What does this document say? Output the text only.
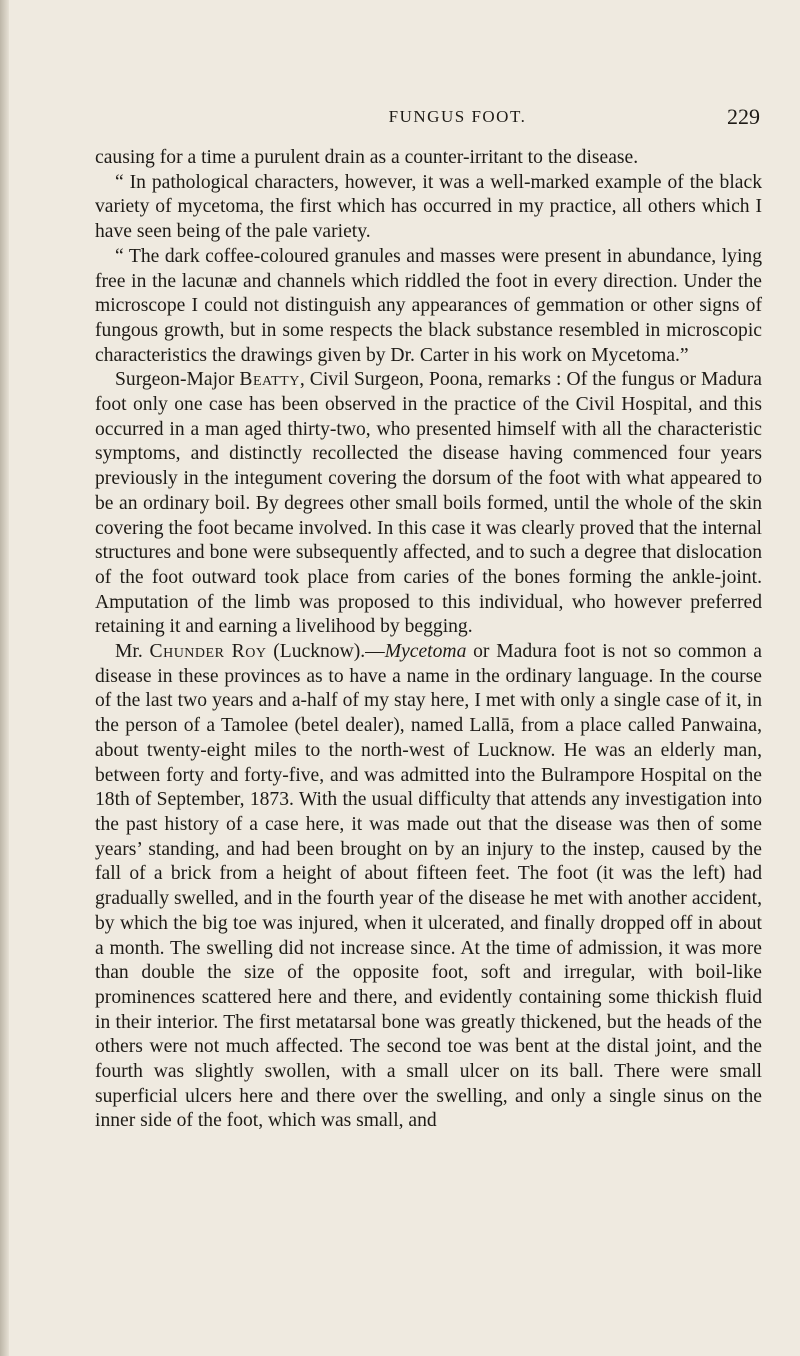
FUNGUS FOOT.	229

causing for a time a purulent drain as a counter-irritant to the disease.

“ In pathological characters, however, it was a well-marked example of the black variety of mycetoma, the first which has occurred in my practice, all others which I have seen being of the pale variety.

“ The dark coffee-coloured granules and masses were present in abundance, lying free in the lacunæ and channels which riddled the foot in every direction. Under the microscope I could not distinguish any appearances of gemmation or other signs of fungous growth, but in some respects the black substance resembled in microscopic characteristics the drawings given by Dr. Carter in his work on Mycetoma.”

Surgeon-Major Beatty, Civil Surgeon, Poona, remarks : Of the fungus or Madura foot only one case has been observed in the practice of the Civil Hospital, and this occurred in a man aged thirty-two, who presented himself with all the characteristic symptoms, and distinctly recollected the disease having commenced four years previously in the integument covering the dorsum of the foot with what appeared to be an ordinary boil. By degrees other small boils formed, until the whole of the skin covering the foot became involved. In this case it was clearly proved that the internal structures and bone were subsequently affected, and to such a degree that dislocation of the foot outward took place from caries of the bones forming the ankle-joint. Amputation of the limb was proposed to this individual, who however preferred retaining it and earning a livelihood by begging.

Mr. Chunder Roy (Lucknow).—Mycetoma or Madura foot is not so common a disease in these provinces as to have a name in the ordinary language. In the course of the last two years and a-half of my stay here, I met with only a single case of it, in the person of a Tamolee (betel dealer), named Lallā, from a place called Panwaina, about twenty-eight miles to the north-west of Lucknow. He was an elderly man, between forty and forty-five, and was admitted into the Bulrampore Hospital on the 18th of September, 1873. With the usual difficulty that attends any investigation into the past history of a case here, it was made out that the disease was then of some years’ standing, and had been brought on by an injury to the instep, caused by the fall of a brick from a height of about fifteen feet. The foot (it was the left) had gradually swelled, and in the fourth year of the disease he met with another accident, by which the big toe was injured, when it ulcerated, and finally dropped off in about a month. The swelling did not increase since. At the time of admission, it was more than double the size of the opposite foot, soft and irregular, with boil-like prominences scattered here and there, and evidently containing some thickish fluid in their interior. The first metatarsal bone was greatly thickened, but the heads of the others were not much affected. The second toe was bent at the distal joint, and the fourth was slightly swollen, with a small ulcer on its ball. There were small superficial ulcers here and there over the swelling, and only a single sinus on the inner side of the foot, which was small, and
